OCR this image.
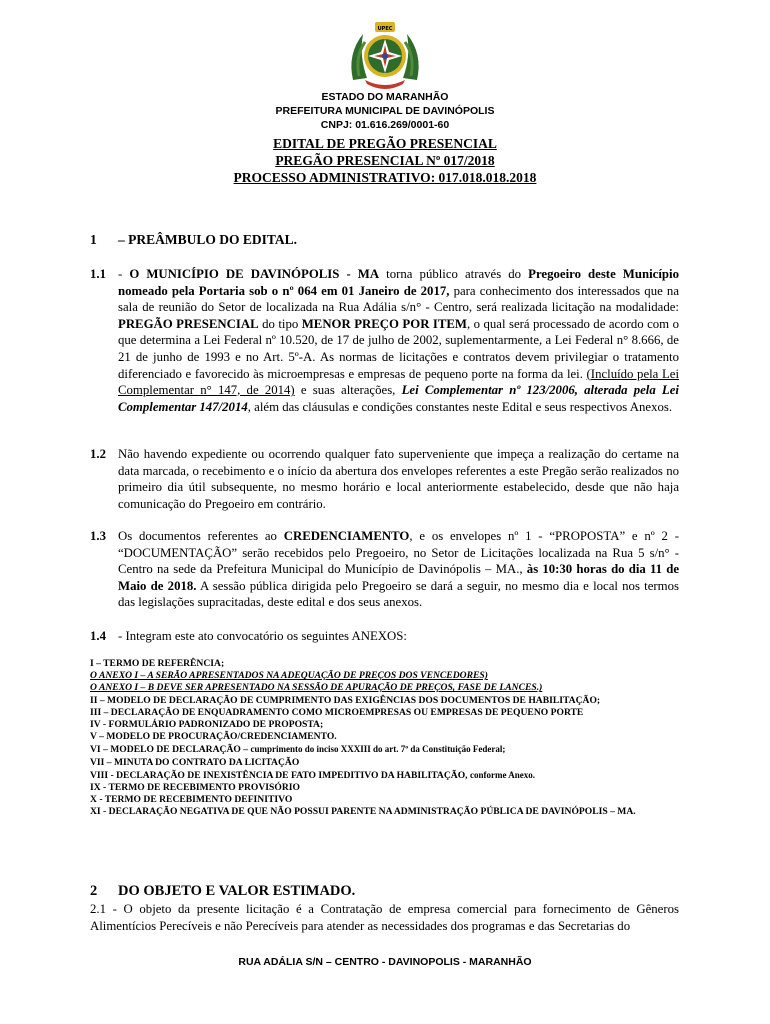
UPEC
ESTADO DO MARANHÃO
PREFEITURA MUNICIPAL DE DAVINÓPOLIS
CNPJ: 01.616.269/0001-60
EDITAL DE PREGÃO PRESENCIAL
PREGÃO PRESENCIAL Nº 017/2018
PROCESSO ADMINISTRATIVO: 017.018.018.2018
1 – PREÂMBULO DO EDITAL.
1.1 - O MUNICÍPIO DE DAVINÓPOLIS - MA torna público através do Pregoeiro deste Município nomeado pela Portaria sob o nº 064 em 01 Janeiro de 2017, para conhecimento dos interessados que na sala de reunião do Setor de localizada na Rua Adália s/n° - Centro, será realizada licitação na modalidade: PREGÃO PRESENCIAL do tipo MENOR PREÇO POR ITEM, o qual será processado de acordo com o que determina a Lei Federal nº 10.520, de 17 de julho de 2002, suplementarmente, a Lei Federal n° 8.666, de 21 de junho de 1993 e no Art. 5º-A. As normas de licitações e contratos devem privilegiar o tratamento diferenciado e favorecido às microempresas e empresas de pequeno porte na forma da lei. (Incluído pela Lei Complementar n° 147, de 2014) e suas alterações, Lei Complementar nº 123/2006, alterada pela Lei Complementar 147/2014, além das cláusulas e condições constantes neste Edital e seus respectivos Anexos.
1.2 Não havendo expediente ou ocorrendo qualquer fato superveniente que impeça a realização do certame na data marcada, o recebimento e o início da abertura dos envelopes referentes a este Pregão serão realizados no primeiro dia útil subsequente, no mesmo horário e local anteriormente estabelecido, desde que não haja comunicação do Pregoeiro em contrário.
1.3 Os documentos referentes ao CREDENCIAMENTO, e os envelopes nº 1 - “PROPOSTA” e nº 2 - “DOCUMENTAÇÃO” serão recebidos pelo Pregoeiro, no Setor de Licitações localizada na Rua 5 s/n° - Centro na sede da Prefeitura Municipal do Município de Davinópolis – MA., às 10:30 horas do dia 11 de Maio de 2018. A sessão pública dirigida pelo Pregoeiro se dará a seguir, no mesmo dia e local nos termos das legislações supracitadas, deste edital e dos seus anexos.
1.4 - Integram este ato convocatório os seguintes ANEXOS:
I – TERMO DE REFERÊNCIA;
O ANEXO I – A SERÃO APRESENTADOS NA ADEQUAÇÃO DE PREÇOS DOS VENCEDORES)
O ANEXO I – B DEVE SER APRESENTADO NA SESSÃO DE APURAÇÃO DE PREÇOS, FASE DE LANCES.)
II – MODELO DE DECLARAÇÃO DE CUMPRIMENTO DAS EXIGÊNCIAS DOS DOCUMENTOS DE HABILITAÇÃO;
III – DECLARAÇÃO DE ENQUADRAMENTO COMO MICROEMPRESAS OU EMPRESAS DE PEQUENO PORTE
IV - FORMULÁRIO PADRONIZADO DE PROPOSTA;
V – MODELO DE PROCURAÇÃO/CREDENCIAMENTO.
VI – MODELO DE DECLARAÇÃO – cumprimento do inciso XXXIII do art. 7º da Constituição Federal;
VII – MINUTA DO CONTRATO DA LICITAÇÃO
VIII - DECLARAÇÃO DE INEXISTÊNCIA DE FATO IMPEDITIVO DA HABILITAÇÃO, conforme Anexo.
IX - TERMO DE RECEBIMENTO PROVISÓRIO
X - TERMO DE RECEBIMENTO DEFINITIVO
XI - DECLARAÇÃO NEGATIVA DE QUE NÃO POSSUI PARENTE NA ADMINISTRAÇÃO PÚBLICA DE DAVINÓPOLIS – MA.
2 DO OBJETO E VALOR ESTIMADO.
2.1 - O objeto da presente licitação é a Contratação de empresa comercial para fornecimento de Gêneros Alimentícios Perecíveis e não Perecíveis para atender as necessidades dos programas e das Secretarias do
RUA ADÁLIA S/N – CENTRO - DAVINOPOLIS - MARANHÃO
